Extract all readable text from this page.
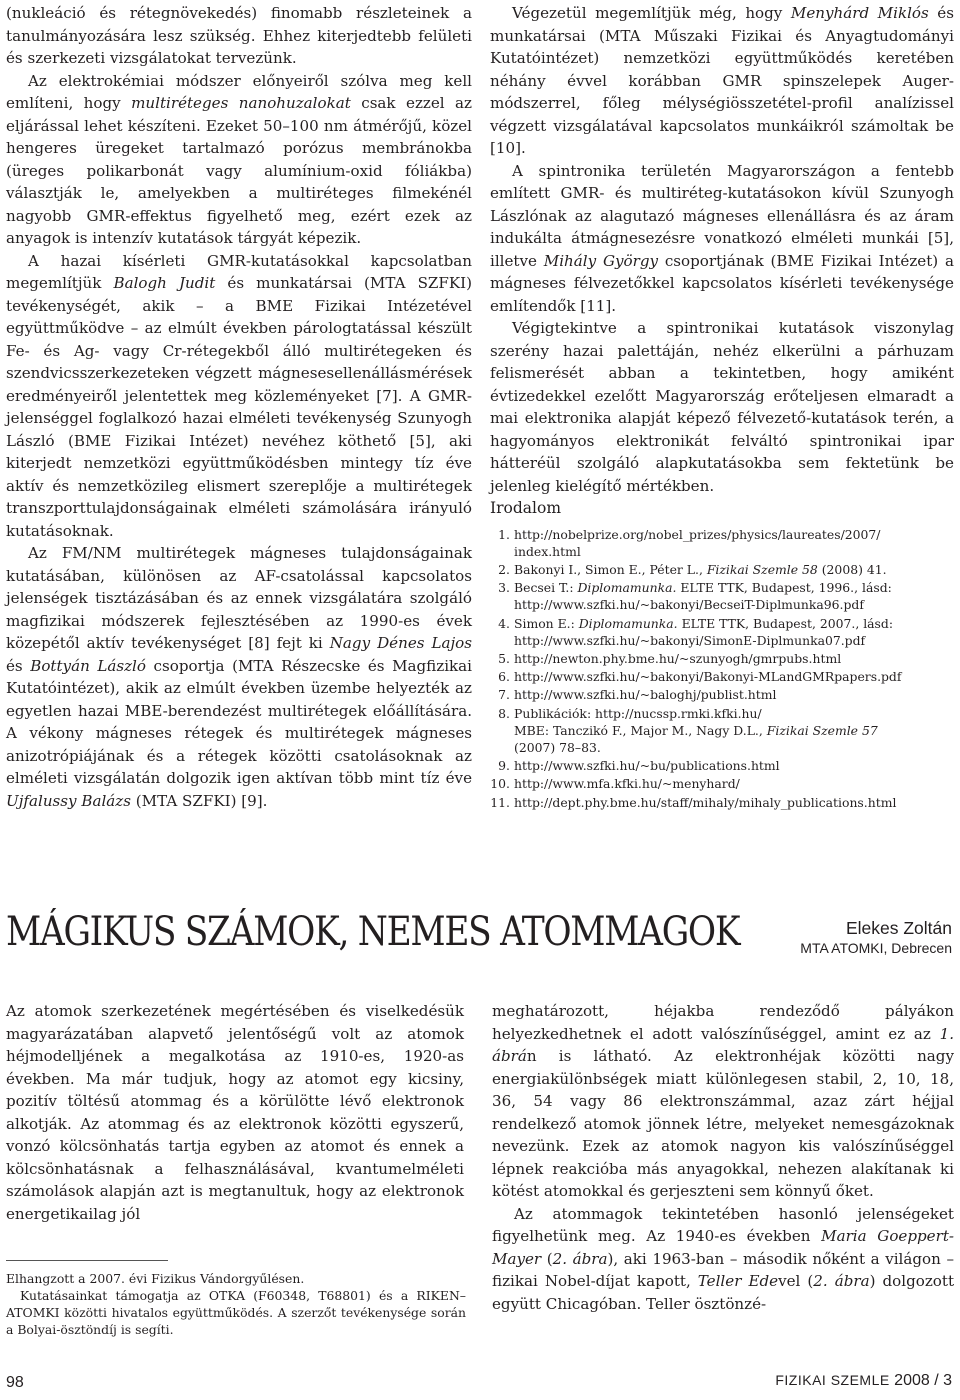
(nukleáció és rétegnövekedés) finomabb részleteinek a tanulmányozására lesz szükség. Ehhez kiterjedtebb felületi és szerkezeti vizsgálatokat tervezünk.

Az elektrokémiai módszer előnyeiről szólva meg kell említeni, hogy multiréteges nanohuzalokat csak ezzel az eljárással lehet készíteni. Ezeket 50–100 nm átmérőjű, közel hengeres üregeket tartalmazó porózus membránokba (üreges polikarbonát vagy alumínium-oxid fóliákba) választják le, amelyekben a multiréteges filmekénél nagyobb GMR-effektus figyelhető meg, ezért ezek az anyagok is intenzív kutatások tárgyát képezik.

A hazai kísérleti GMR-kutatásokkal kapcsolatban megemlítjük Balogh Judit és munkatársai (MTA SZFKI) tevékenységét, akik – a BME Fizikai Intézetével együttműködve – az elmúlt években párologtatással készült Fe- és Ag- vagy Cr-rétegekből álló multirétegeken és szendvicsszerkezeteken végzett mágnesesellenállásmérések eredményeiről jelentettek meg közleményeket [7]. A GMR-jelenséggel foglalkozó hazai elméleti tevékenység Szunyogh László (BME Fizikai Intézet) nevéhez köthető [5], aki kiterjedt nemzetközi együttműködésben mintegy tíz éve aktív és nemzetközileg elismert szereplője a multirétegek transzporttulajdonságainak elméleti számolására irányuló kutatásoknak.

Az FM/NM multirétegek mágneses tulajdonságainak kutatásában, különösen az AF-csatolással kapcsolatos jelenségek tisztázásában és az ennek vizsgálatára szolgáló magfizikai módszerek fejlesztésében az 1990-es évek közepétől aktív tevékenységet [8] fejt ki Nagy Dénes Lajos és Bottyán László csoportja (MTA Részecske és Magfizikai Kutatóintézet), akik az elmúlt években üzembe helyezték az egyetlen hazai MBE-berendezést multirétegek előállítására. A vékony mágneses rétegek és multirétegek mágneses anizotrópiájának és a rétegek közötti csatolásoknak az elméleti vizsgálatán dolgozik igen aktívan több mint tíz éve Ujfalussy Balázs (MTA SZFKI) [9].

Végezetül megemlítjük még, hogy Menyhárd Miklós és munkatársai (MTA Műszaki Fizikai és Anyagtudományi Kutatóintézet) nemzetközi együttműködés keretében néhány évvel korábban GMR spinszelepek Auger-módszerrel, főleg mélységiösszetétel-profil analízissel végzett vizsgálatával kapcsolatos munkáikról számoltak be [10].

A spintronika területén Magyarországon a fentebb említett GMR- és multiréteg-kutatásokon kívül Szunyogh Lászlónak az alagutazó mágneses ellenállásra és az áram indukálta átmágnesezésre vonatkozó elméleti munkái [5], illetve Mihály György csoportjának (BME Fizikai Intézet) a mágneses félvezetőkkel kapcsolatos kísérleti tevékenysége említendők [11].

Végigtekintve a spintronikai kutatások viszonylag szerény hazai palettáján, nehéz elkerülni a párhuzam felismerését abban a tekintetben, hogy amiként évtizedekkel ezelőtt Magyarország erőteljesen elmaradt a mai elektronika alapját képező félvezető-kutatások terén, a hagyományos elektronikát felváltó spintronikai ipar hátteréül szolgáló alapkutatásokba sem fektetünk be jelenleg kielégítő mértékben.

Irodalom

1. http://nobelprize.org/nobel_prizes/physics/laureates/2007/
index.html
2. Bakonyi I., Simon E., Péter L., Fizikai Szemle 58 (2008) 41.
3. Becsei T.: Diplomamunka. ELTE TTK, Budapest, 1996., lásd:
http://www.szfki.hu/~bakonyi/BecseiT-Diplmunka96.pdf
4. Simon E.: Diplomamunka. ELTE TTK, Budapest, 2007., lásd:
http://www.szfki.hu/~bakonyi/SimonE-Diplmunka07.pdf
5. http://newton.phy.bme.hu/~szunyogh/gmrpubs.html
6. http://www.szfki.hu/~bakonyi/Bakonyi-MLandGMRpapers.pdf
7. http://www.szfki.hu/~baloghj/publist.html
8. Publikációk: http://nucssp.rmki.kfki.hu/
MBE: Tanczikó F., Major M., Nagy D.L., Fizikai Szemle 57
(2007) 78–83.
9. http://www.szfki.hu/~bu/publications.html
10. http://www.mfa.kfki.hu/~menyhard/
11. http://dept.phy.bme.hu/staff/mihaly/mihaly_publications.html
MÁGIKUS SZÁMOK, NEMES ATOMMAGOK	Elekes Zoltán
MTA ATOMKI, Debrecen

Az atomok szerkezetének megértésében és viselkedésük magyarázatában alapvető jelentőségű volt az atomok héjmodelljének a megalkotása az 1910-es, 1920-as években. Ma már tudjuk, hogy az atomot egy kicsiny, pozitív töltésű atommag és a körülötte lévő elektronok alkotják. Az atommag és az elektronok közötti egyszerű, vonzó kölcsönhatás tartja egyben az atomot és ennek a kölcsönhatásnak a felhasználásával, kvantumelméleti számolások alapján azt is megtanultuk, hogy az elektronok energetikailag jól

meghatározott, héjakba rendeződő pályákon helyezkedhetnek el adott valószínűséggel, amint ez az 1. ábrán is látható. Az elektronhéjak közötti nagy energiakülönbségek miatt különlegesen stabil, 2, 10, 18, 36, 54 vagy 86 elektronszámmal, azaz zárt héjjal rendelkező atomok jönnek létre, melyeket nemesgázoknak nevezünk. Ezek az atomok nagyon kis valószínűséggel lépnek reakcióba más anyagokkal, nehezen alakítanak ki kötést atomokkal és gerjeszteni sem könnyű őket.

Az atommagok tekintetében hasonló jelenségeket figyelhetünk meg. Az 1940-es években Maria Goeppert-Mayer (2. ábra), aki 1963-ban – második nőként a világon – fizikai Nobel-díjat kapott, Teller Edevel (2. ábra) dolgozott együtt Chicagóban. Teller ösztönzé-

Elhangzott a 2007. évi Fizikus Vándorgyűlésen.

Kutatásainkat támogatja az OTKA (F60348, T68801) és a RIKEN–ATOMKI közötti hivatalos együttműködés. A szerzőt tevékenysége során a Bolyai-ösztöndíj is segíti.

98	FIZIKAI SZEMLE 2008 / 3
